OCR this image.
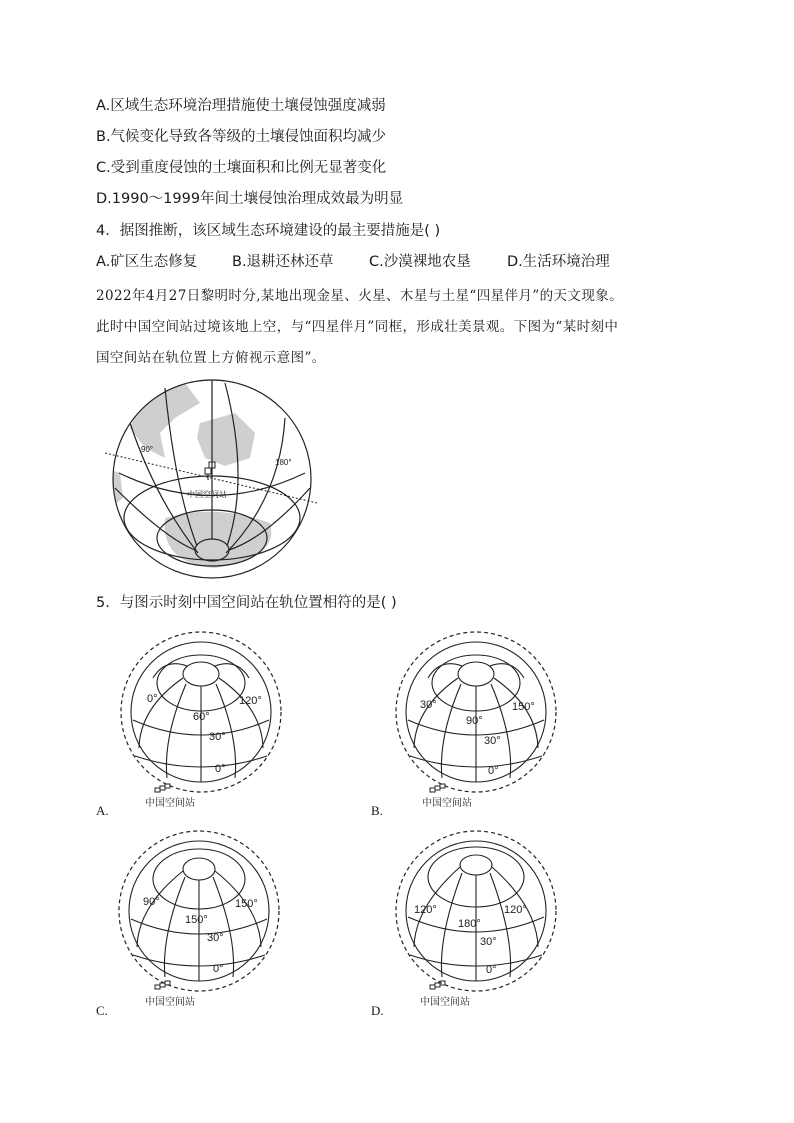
A.区域生态环境治理措施使土壤侵蚀强度减弱
B.气候变化导致各等级的土壤侵蚀面积均减少
C.受到重度侵蚀的土壤面积和比例无显著变化
D.1990～1999年间土壤侵蚀治理成效最为明显
4．据图推断，该区域生态环境建设的最主要措施是( )
A.矿区生态修复 B.退耕还林还草 C.沙漠裸地农垦	D.生活环境治理
2022年4月27日黎明时分,某地出现金星、火星、木星与土星“四星伴月”的天文现象。
此时中国空间站过境该地上空，与“四星伴月”同框，形成壮美景观。下图为“某时刻中
国空间站在轨位置上方俯视示意图”。
90°
180°
中国空间站
5．与图示时刻中国空间站在轨位置相符的是( )
0°
60°
120°
30°
0°
中国空间站
A.
30°
90°
150°
30°
0°
中国空间站
B.
90°
150°
150°
30°
0°
中国空间站
C.
120°
180°
120°
30°
0°
中国空间站
D.
